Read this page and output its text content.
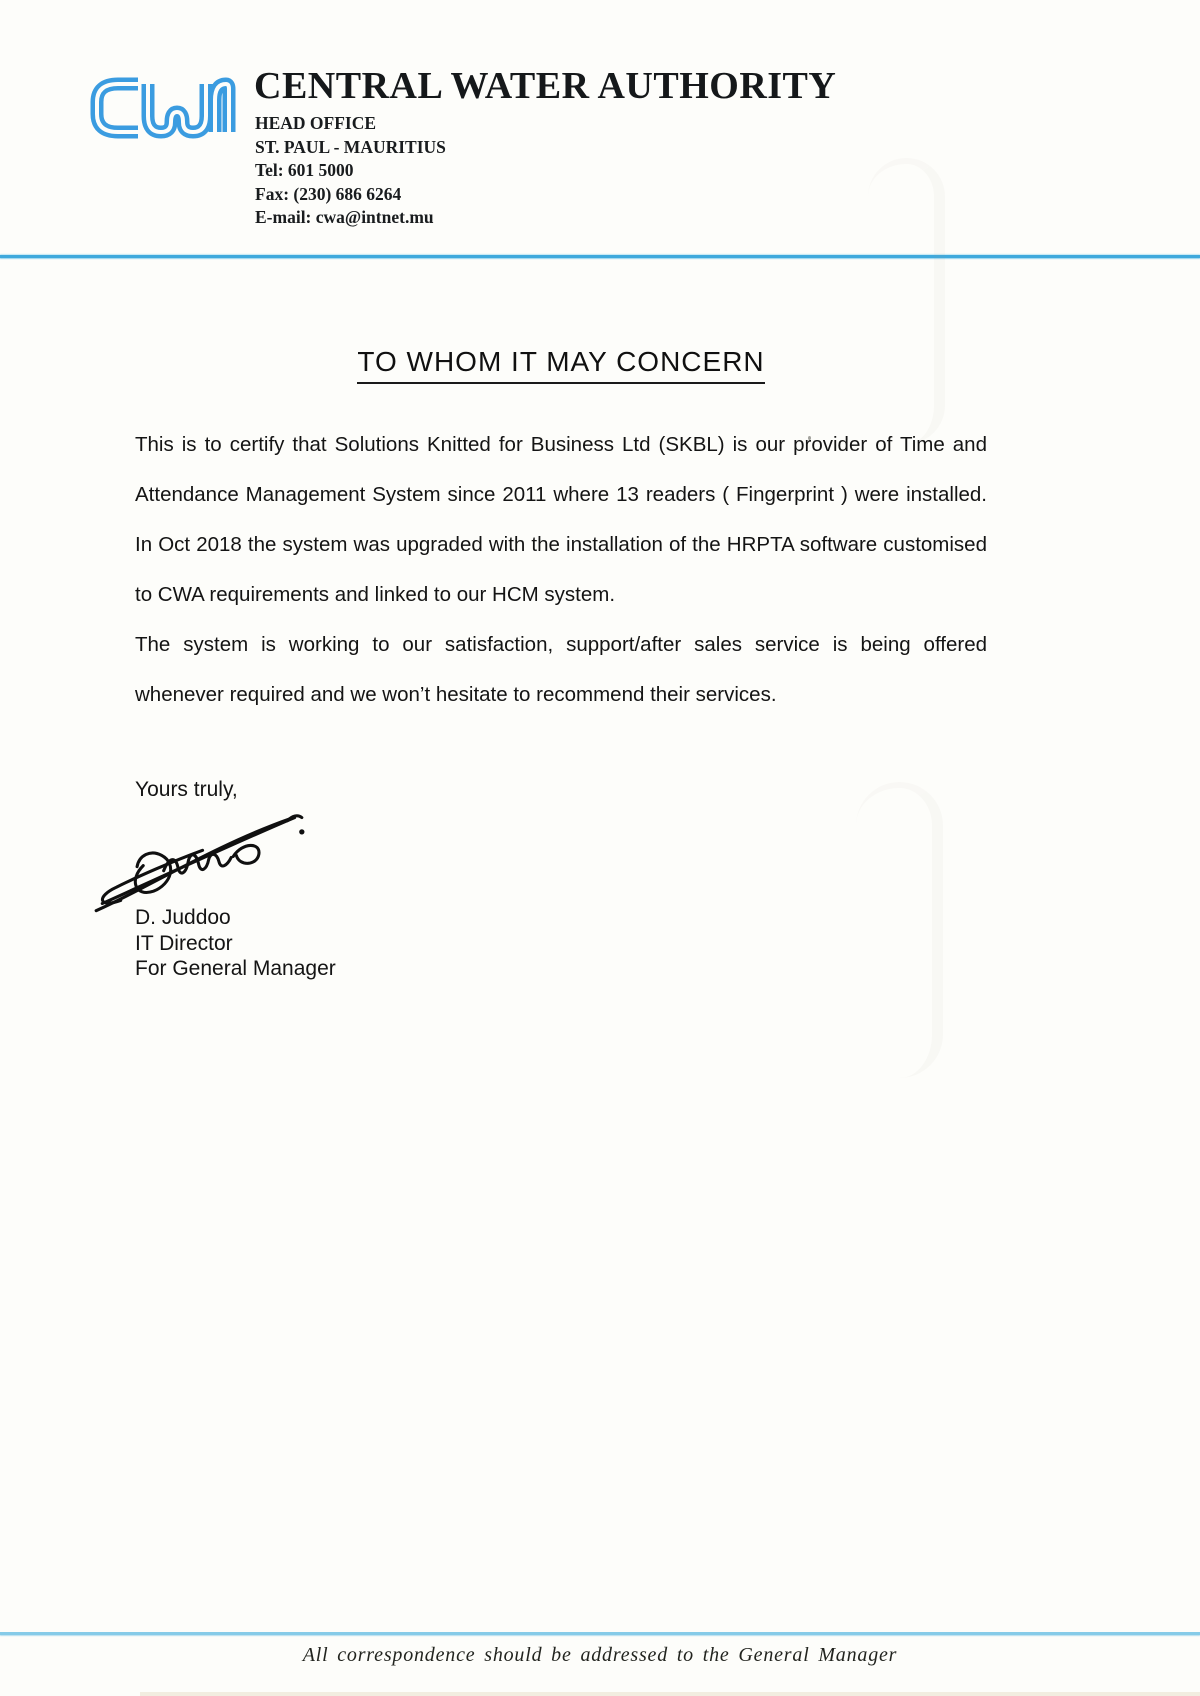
CENTRAL WATER AUTHORITY
HEAD OFFICE
ST. PAUL - MAURITIUS
Tel: 601 5000
Fax: (230) 686 6264
E-mail: cwa@intnet.mu
TO WHOM IT MAY CONCERN

This is to certify that Solutions Knitted for Business Ltd (SKBL) is our provider of Time and Attendance Management System since 2011 where 13 readers ( Fingerprint ) were installed. In Oct 2018 the system was upgraded with the installation of the HRPTA software customised to CWA requirements and linked to our HCM system.

The system is working to our satisfaction, support/after sales service is being offered whenever required and we won’t hesitate to recommend their services.

Yours truly,
D. Juddoo
IT Director
For General Manager
All correspondence should be addressed to the General Manager
